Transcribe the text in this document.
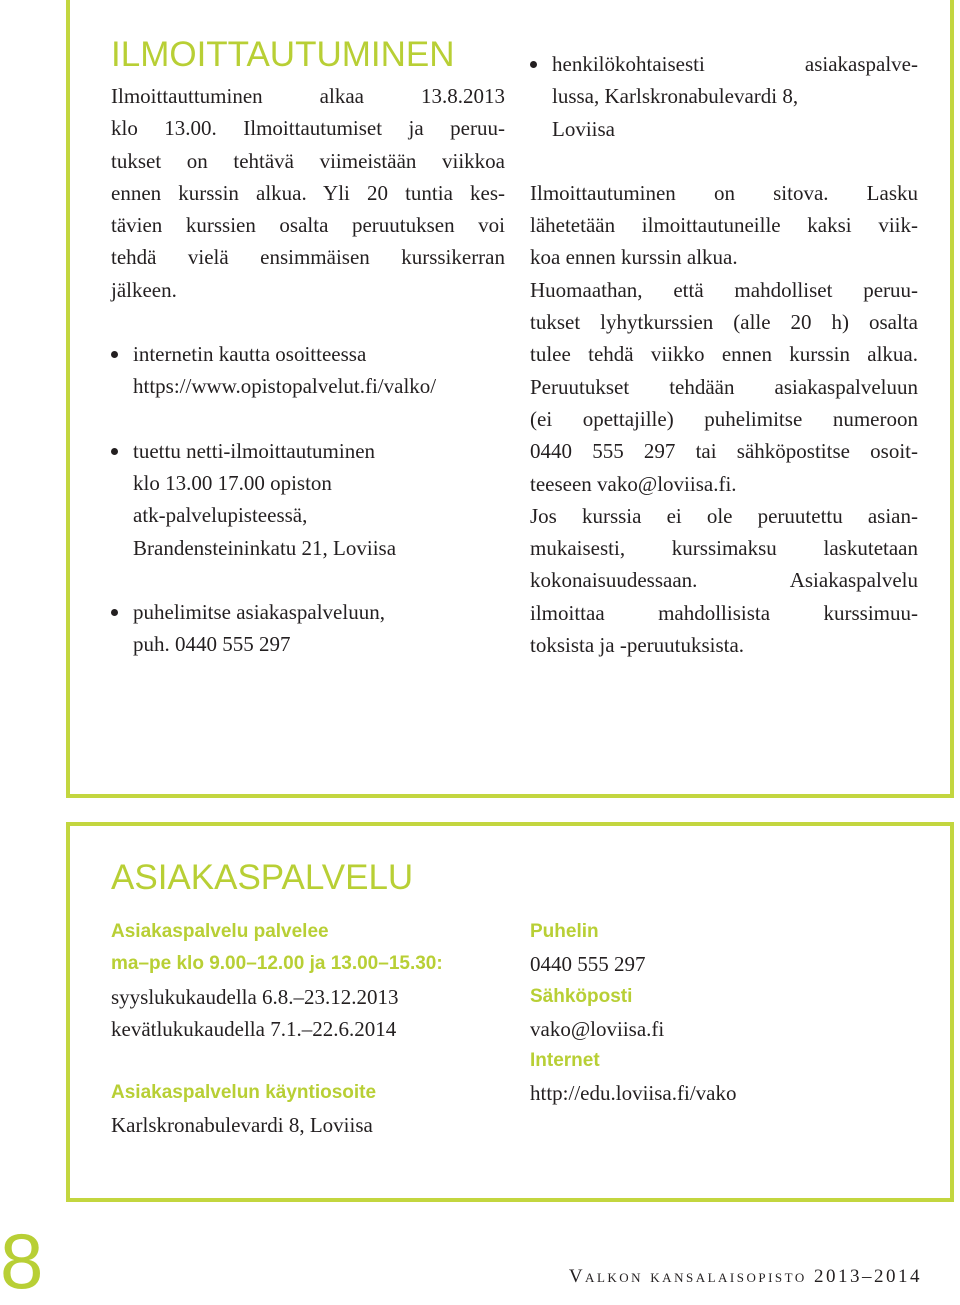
ILMOITTAUTUMINEN

Ilmoittauttuminen alkaa 13.8.2013

klo 13.00. Ilmoittautumiset ja peruu-

tukset on tehtävä viimeistään viikkoa

ennen kurssin alkua. Yli 20 tuntia kes-

tävien kurssien osalta peruutuksen voi

tehdä vielä ensimmäisen kurssikerran

jälkeen.

internetin kautta osoitteessa

https://www.opistopalvelut.fi/valko/

tuettu netti-ilmoittautuminen

klo 13.00 17.00 opiston

atk-palvelupisteessä,

Brandensteininkatu 21, Loviisa

puhelimitse asiakaspalveluun,

puh. 0440 555 297

henkilökohtaisesti asiakaspalve-

lussa, Karlskronabulevardi 8,

Loviisa

Ilmoittautuminen on sitova. Lasku

lähetetään ilmoittautuneille kaksi viik-

koa ennen kurssin alkua.

Huomaathan, että mahdolliset peruu-

tukset lyhytkurssien (alle 20 h) osalta

tulee tehdä viikko ennen kurssin alkua.

Peruutukset tehdään asiakaspalveluun

(ei opettajille) puhelimitse numeroon

0440 555 297 tai sähköpostitse osoit-

teeseen vako@loviisa.fi.

Jos kurssia ei ole peruutettu asian-

mukaisesti, kurssimaksu laskutetaan

kokonaisuudessaan. Asiakaspalvelu

ilmoittaa mahdollisista kurssimuu-

toksista ja -peruutuksista.

ASIAKASPALVELU

Asiakaspalvelu palvelee

ma–pe klo 9.00–12.00 ja 13.00–15.30:

syyslukukaudella 6.8.–23.12.2013

kevätlukukaudella 7.1.–22.6.2014

Asiakaspalvelun käyntiosoite

Karlskronabulevardi 8, Loviisa

Puhelin

0440 555 297

Sähköposti

vako@loviisa.fi

Internet

http://edu.loviisa.fi/vako

8	Valkon kansalaisopisto 2013–2014
